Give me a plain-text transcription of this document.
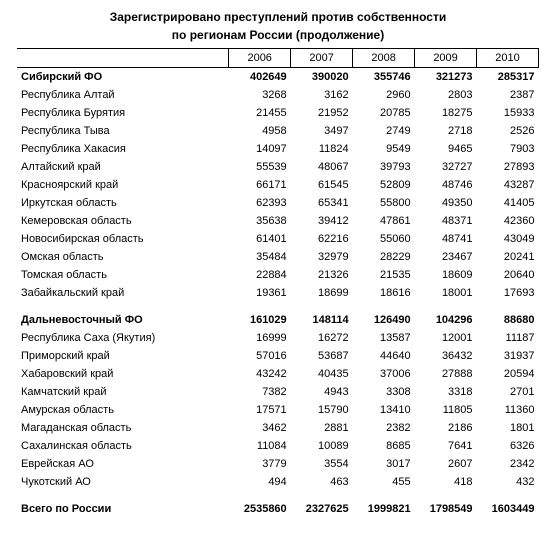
Зарегистрировано преступлений против собственности
по регионам России (продолжение)
	2006	2007	2008	2009	2010
Сибирский ФО	402649	390020	355746	321273	285317
Республика Алтай	3268	3162	2960	2803	2387
Республика Бурятия	21455	21952	20785	18275	15933
Республика Тыва	4958	3497	2749	2718	2526
Республика Хакасия	14097	11824	9549	9465	7903
Алтайский край	55539	48067	39793	32727	27893
Красноярский край	66171	61545	52809	48746	43287
Иркутская область	62393	65341	55800	49350	41405
Кемеровская область	35638	39412	47861	48371	42360
Новосибирская область	61401	62216	55060	48741	43049
Омская область	35484	32979	28229	23467	20241
Томская область	22884	21326	21535	18609	20640
Забайкальский край	19361	18699	18616	18001	17693

Дальневосточный ФО	161029	148114	126490	104296	88680
Республика Саха (Якутия)	16999	16272	13587	12001	11187
Приморский край	57016	53687	44640	36432	31937
Хабаровский край	43242	40435	37006	27888	20594
Камчатский край	7382	4943	3308	3318	2701
Амурская область	17571	15790	13410	11805	11360
Магаданская область	3462	2881	2382	2186	1801
Сахалинская область	11084	10089	8685	7641	6326
Еврейская АО	3779	3554	3017	2607	2342
Чукотский АО	494	463	455	418	432

Всего по России	2535860	2327625	1999821	1798549	1603449
